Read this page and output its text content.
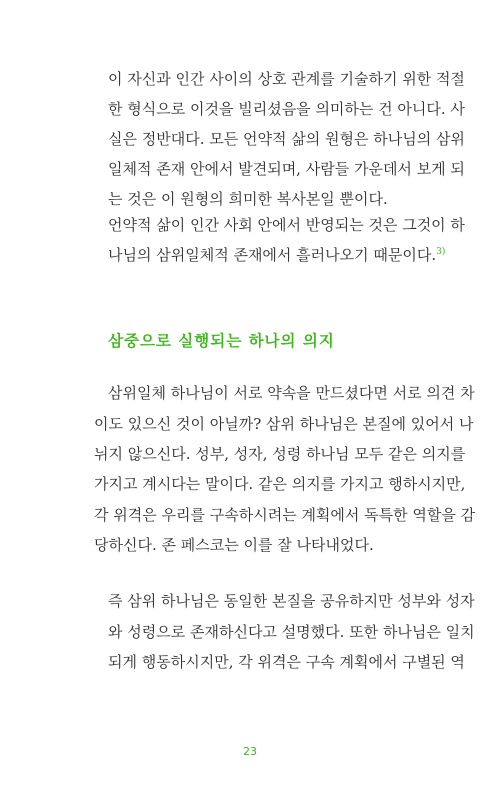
이 자신과 인간 사이의 상호 관계를 기술하기 위한 적절
한 형식으로 이것을 빌리셨음을 의미하는 건 아니다. 사
실은 정반대다. 모든 언약적 삶의 원형은 하나님의 삼위
일체적 존재 안에서 발견되며, 사람들 가운데서 보게 되
는 것은 이 원형의 희미한 복사본일 뿐이다.
언약적 삶이 인간 사회 안에서 반영되는 것은 그것이 하
나님의 삼위일체적 존재에서 흘러나오기 때문이다.$^{3)}$
삼중으로 실행되는 하나의 의지
삼위일체 하나님이 서로 약속을 만드셨다면 서로 의견 차
이도 있으신 것이 아닐까? 삼위 하나님은 본질에 있어서 나
뉘지 않으신다. 성부, 성자, 성령 하나님 모두 같은 의지를
가지고 계시다는 말이다. 같은 의지를 가지고 행하시지만,
각 위격은 우리를 구속하시려는 계획에서 독특한 역할을 감
당하신다. 존 페스코는 이를 잘 나타내었다.
즉 삼위 하나님은 동일한 본질을 공유하지만 성부와 성자
와 성령으로 존재하신다고 설명했다. 또한 하나님은 일치
되게 행동하시지만, 각 위격은 구속 계획에서 구별된 역
23
